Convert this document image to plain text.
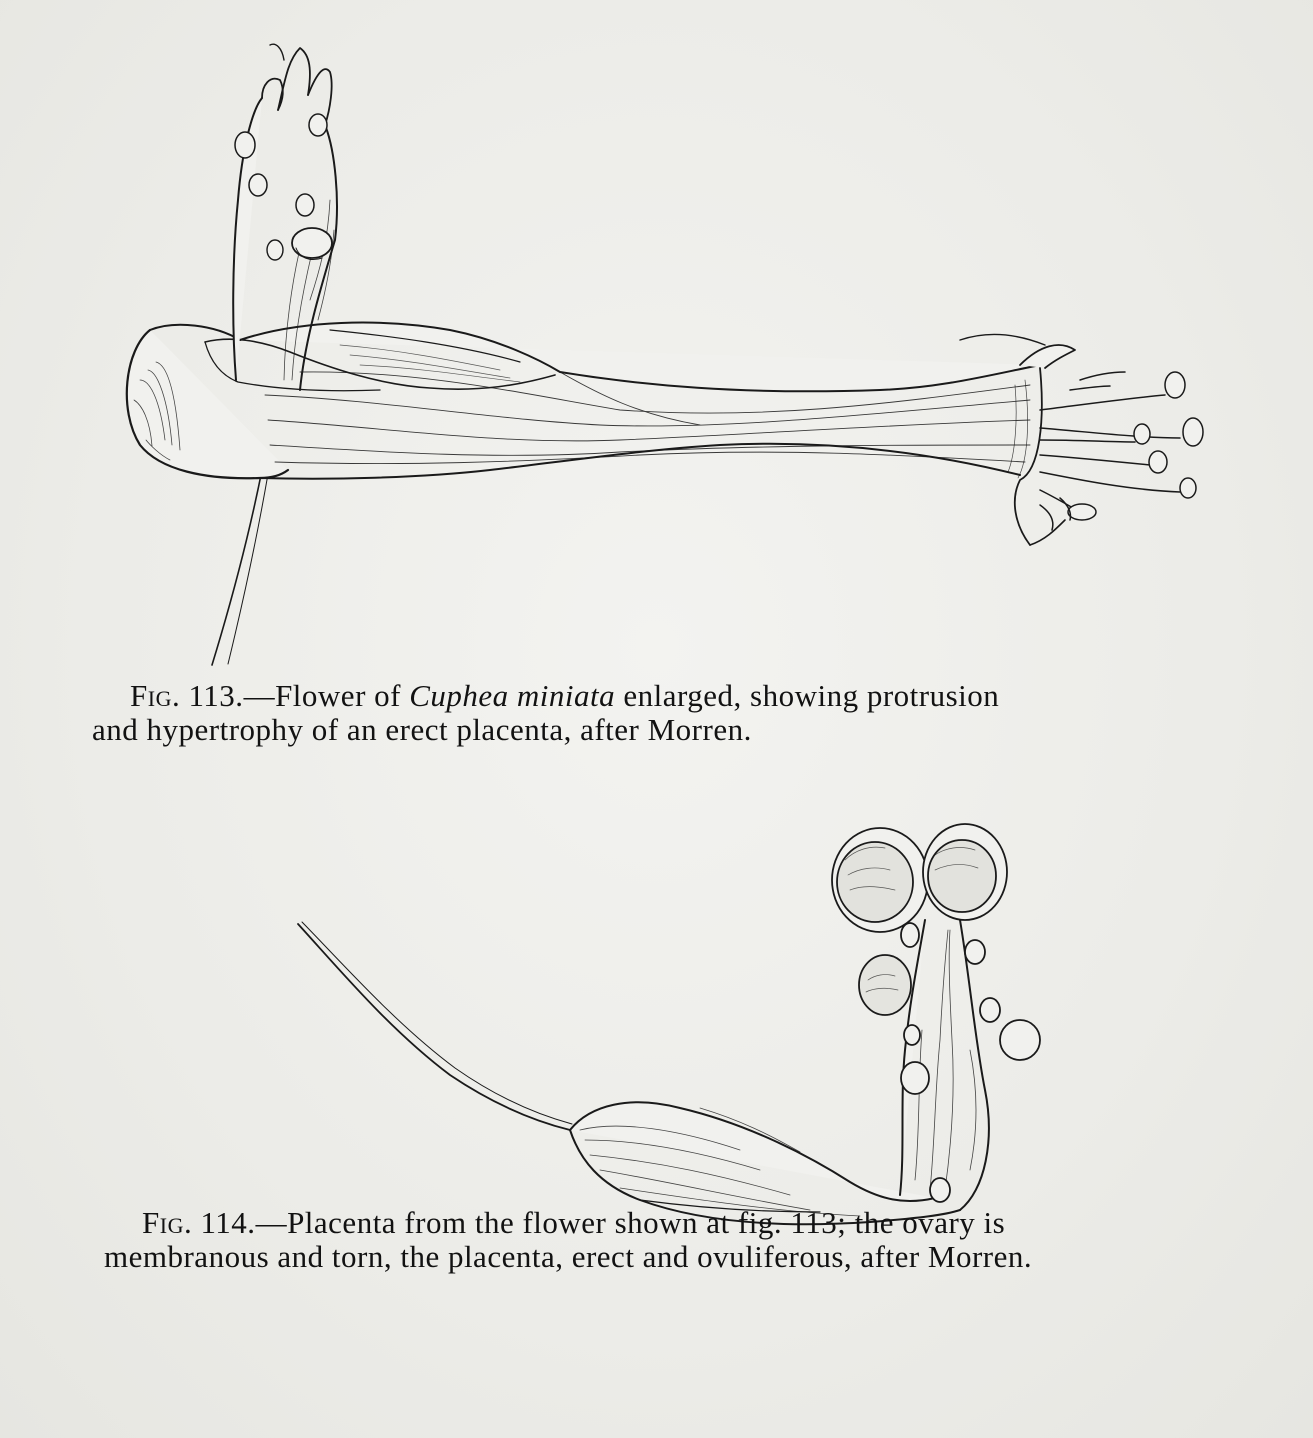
Fig. 113.—Flower of Cuphea miniata enlarged, showing protrusion
and hypertrophy of an erect placenta, after Morren.
Fig. 114.—Placenta from the flower shown at fig. 113; the ovary is
membranous and torn, the placenta, erect and ovuliferous, after Morren.
